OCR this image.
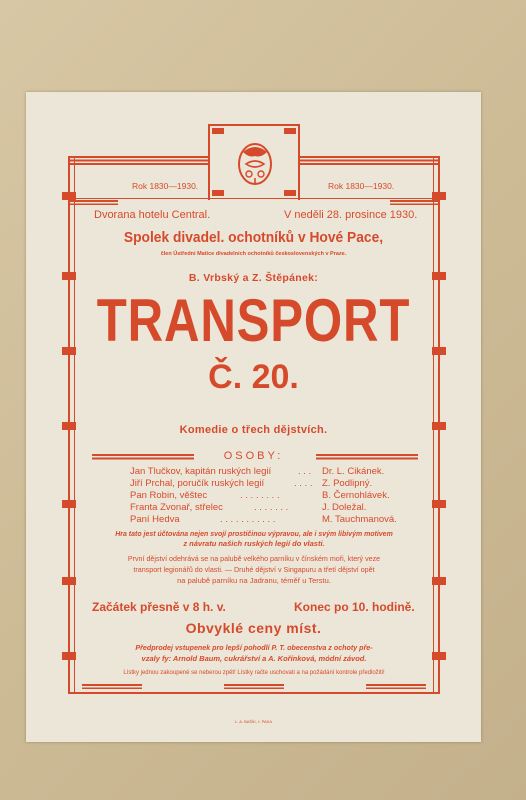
Rok 1830—1930.	Rok 1830—1930.
Dvorana hotelu Central.	V neděli 28. prosince 1930.
Spolek divadel. ochotníků v Hové Pace,
člen Ústřední Matice divadelních ochotníků československých v Praze.
B. Vrbský a Z. Štěpánek:
TRANSPORT
Č. 20.
Komedie o třech dějstvích.
OSOBY:
Jan Tlučkov, kapitán ruských legií	. . . Dr. L. Cikánek.
Jiří Prchal, poručík ruských legií	. . . . Z. Podlipný.
Pan Robin, věštec	. . . . . . . .	B. Černohlávek.
Franta Zvonař, střelec	. . . . . . .	J. Doležal.
Paní Hedva	. . . . . . . . . . .	M. Tauchmanová.
Hra tato jest účtována nejen svojí prostičinou výpravou, ale i svým libivým motivem
z návratu našich ruských legií do vlasti.
První dějství odehrává se na palubě velkého parníku v čínském moři, který veze
transport legionářů do vlasti. — Druhé dějství v Singapuru a třetí dějství opět
na palubě parníku na Jadranu, téměř u Terstu.
Začátek přesně v 8 h. v.	Konec po 10. hodině.
Obvyklé ceny míst.
Předprodej vstupenek pro lepší pohodlí P. T. obecenstva z ochoty pře-
vzaly fy: Arnold Baum, cukrářství a A. Kořínková, módní závod.
Lístky jednou zakoupené se neberou zpět! Lístky račte uschovati a na požádání kontrole předložiti!
L. A. BAŠÍK, ř. PAKA
